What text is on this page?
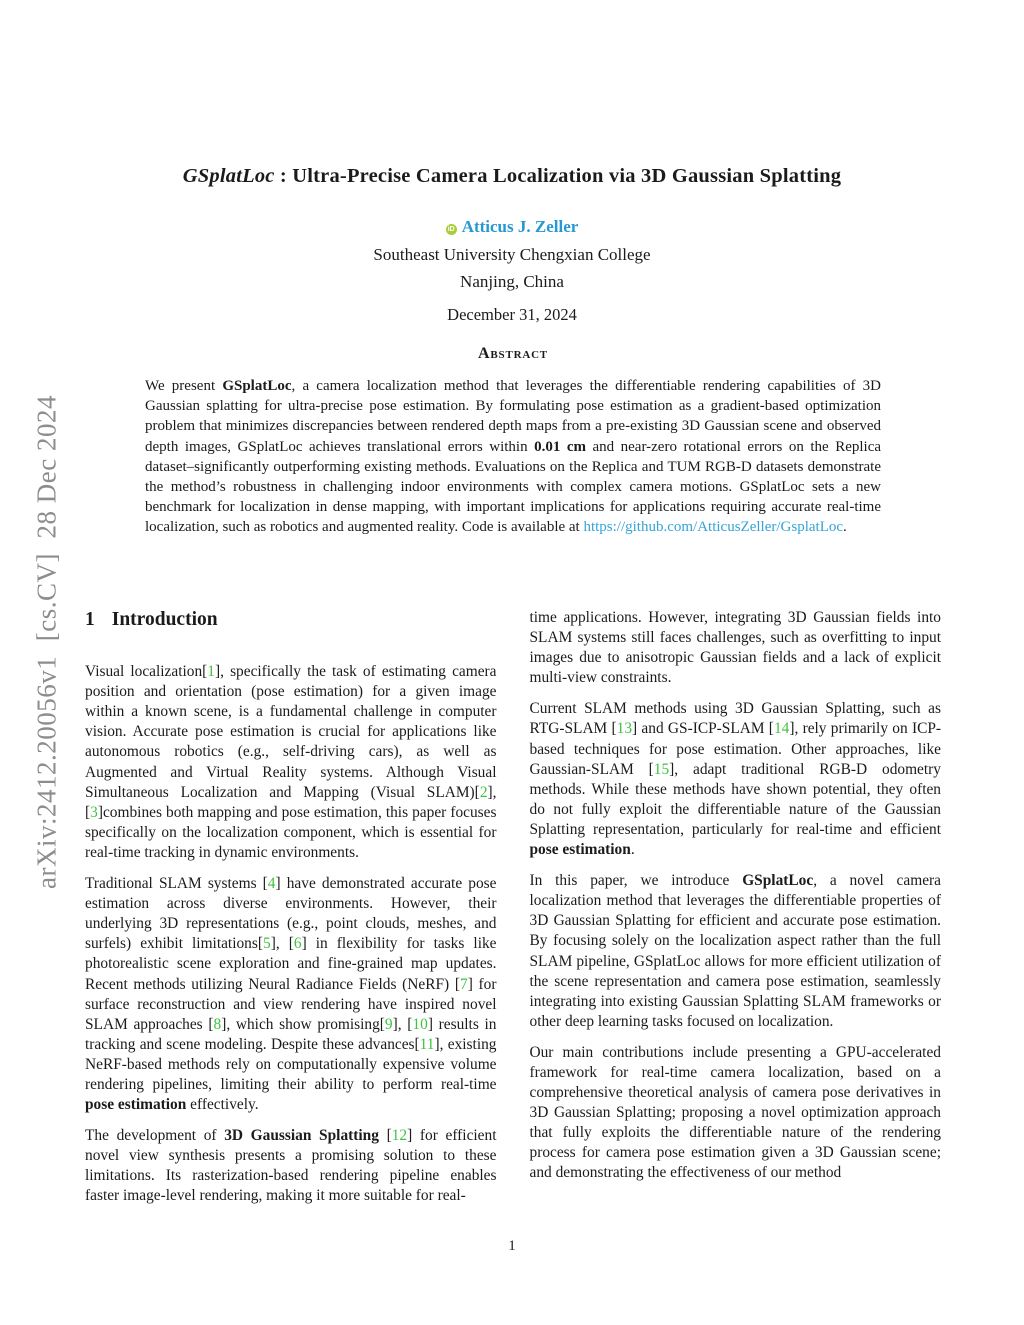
arXiv:2412.20056v1  [cs.CV]  28 Dec 2024
GSplatLoc : Ultra-Precise Camera Localization via 3D Gaussian Splatting
iD Atticus J. Zeller
Southeast University Chengxian College
Nanjing, China
December 31, 2024
Abstract
We present GSplatLoc, a camera localization method that leverages the differentiable rendering capabilities of 3D Gaussian splatting for ultra-precise pose estimation. By formulating pose estimation as a gradient-based optimization problem that minimizes discrepancies between rendered depth maps from a pre-existing 3D Gaussian scene and observed depth images, GSplatLoc achieves translational errors within 0.01 cm and near-zero rotational errors on the Replica dataset–significantly outperforming existing methods. Evaluations on the Replica and TUM RGB-D datasets demonstrate the method’s robustness in challenging indoor environments with complex camera motions. GSplatLoc sets a new benchmark for localization in dense mapping, with important implications for applications requiring accurate real-time localization, such as robotics and augmented reality. Code is available at https://github.com/AtticusZeller/GsplatLoc.
1 Introduction

Visual localization[1], specifically the task of estimating camera position and orientation (pose estimation) for a given image within a known scene, is a fundamental challenge in computer vision. Accurate pose estimation is crucial for applications like autonomous robotics (e.g., self-driving cars), as well as Augmented and Virtual Reality systems. Although Visual Simultaneous Localization and Mapping (Visual SLAM)[2], [3]combines both mapping and pose estimation, this paper focuses specifically on the localization component, which is essential for real-time tracking in dynamic environments.

Traditional SLAM systems [4] have demonstrated accurate pose estimation across diverse environments. However, their underlying 3D representations (e.g., point clouds, meshes, and surfels) exhibit limitations[5], [6] in flexibility for tasks like photorealistic scene exploration and fine-grained map updates. Recent methods utilizing Neural Radiance Fields (NeRF) [7] for surface reconstruction and view rendering have inspired novel SLAM approaches [8], which show promising[9], [10] results in tracking and scene modeling. Despite these advances[11], existing NeRF-based methods rely on computationally expensive volume rendering pipelines, limiting their ability to perform real-time pose estimation effectively.

The development of 3D Gaussian Splatting [12] for efficient novel view synthesis presents a promising solution to these limitations. Its rasterization-based rendering pipeline enables faster image-level rendering, making it more suitable for real-

time applications. However, integrating 3D Gaussian fields into SLAM systems still faces challenges, such as overfitting to input images due to anisotropic Gaussian fields and a lack of explicit multi-view constraints.

Current SLAM methods using 3D Gaussian Splatting, such as RTG-SLAM [13] and GS-ICP-SLAM [14], rely primarily on ICP-based techniques for pose estimation. Other approaches, like Gaussian-SLAM [15], adapt traditional RGB-D odometry methods. While these methods have shown potential, they often do not fully exploit the differentiable nature of the Gaussian Splatting representation, particularly for real-time and efficient pose estimation.

In this paper, we introduce GSplatLoc, a novel camera localization method that leverages the differentiable properties of 3D Gaussian Splatting for efficient and accurate pose estimation. By focusing solely on the localization aspect rather than the full SLAM pipeline, GSplatLoc allows for more efficient utilization of the scene representation and camera pose estimation, seamlessly integrating into existing Gaussian Splatting SLAM frameworks or other deep learning tasks focused on localization.

Our main contributions include presenting a GPU-accelerated framework for real-time camera localization, based on a comprehensive theoretical analysis of camera pose derivatives in 3D Gaussian Splatting; proposing a novel optimization approach that fully exploits the differentiable nature of the rendering process for camera pose estimation given a 3D Gaussian scene; and demonstrating the effectiveness of our method

1
